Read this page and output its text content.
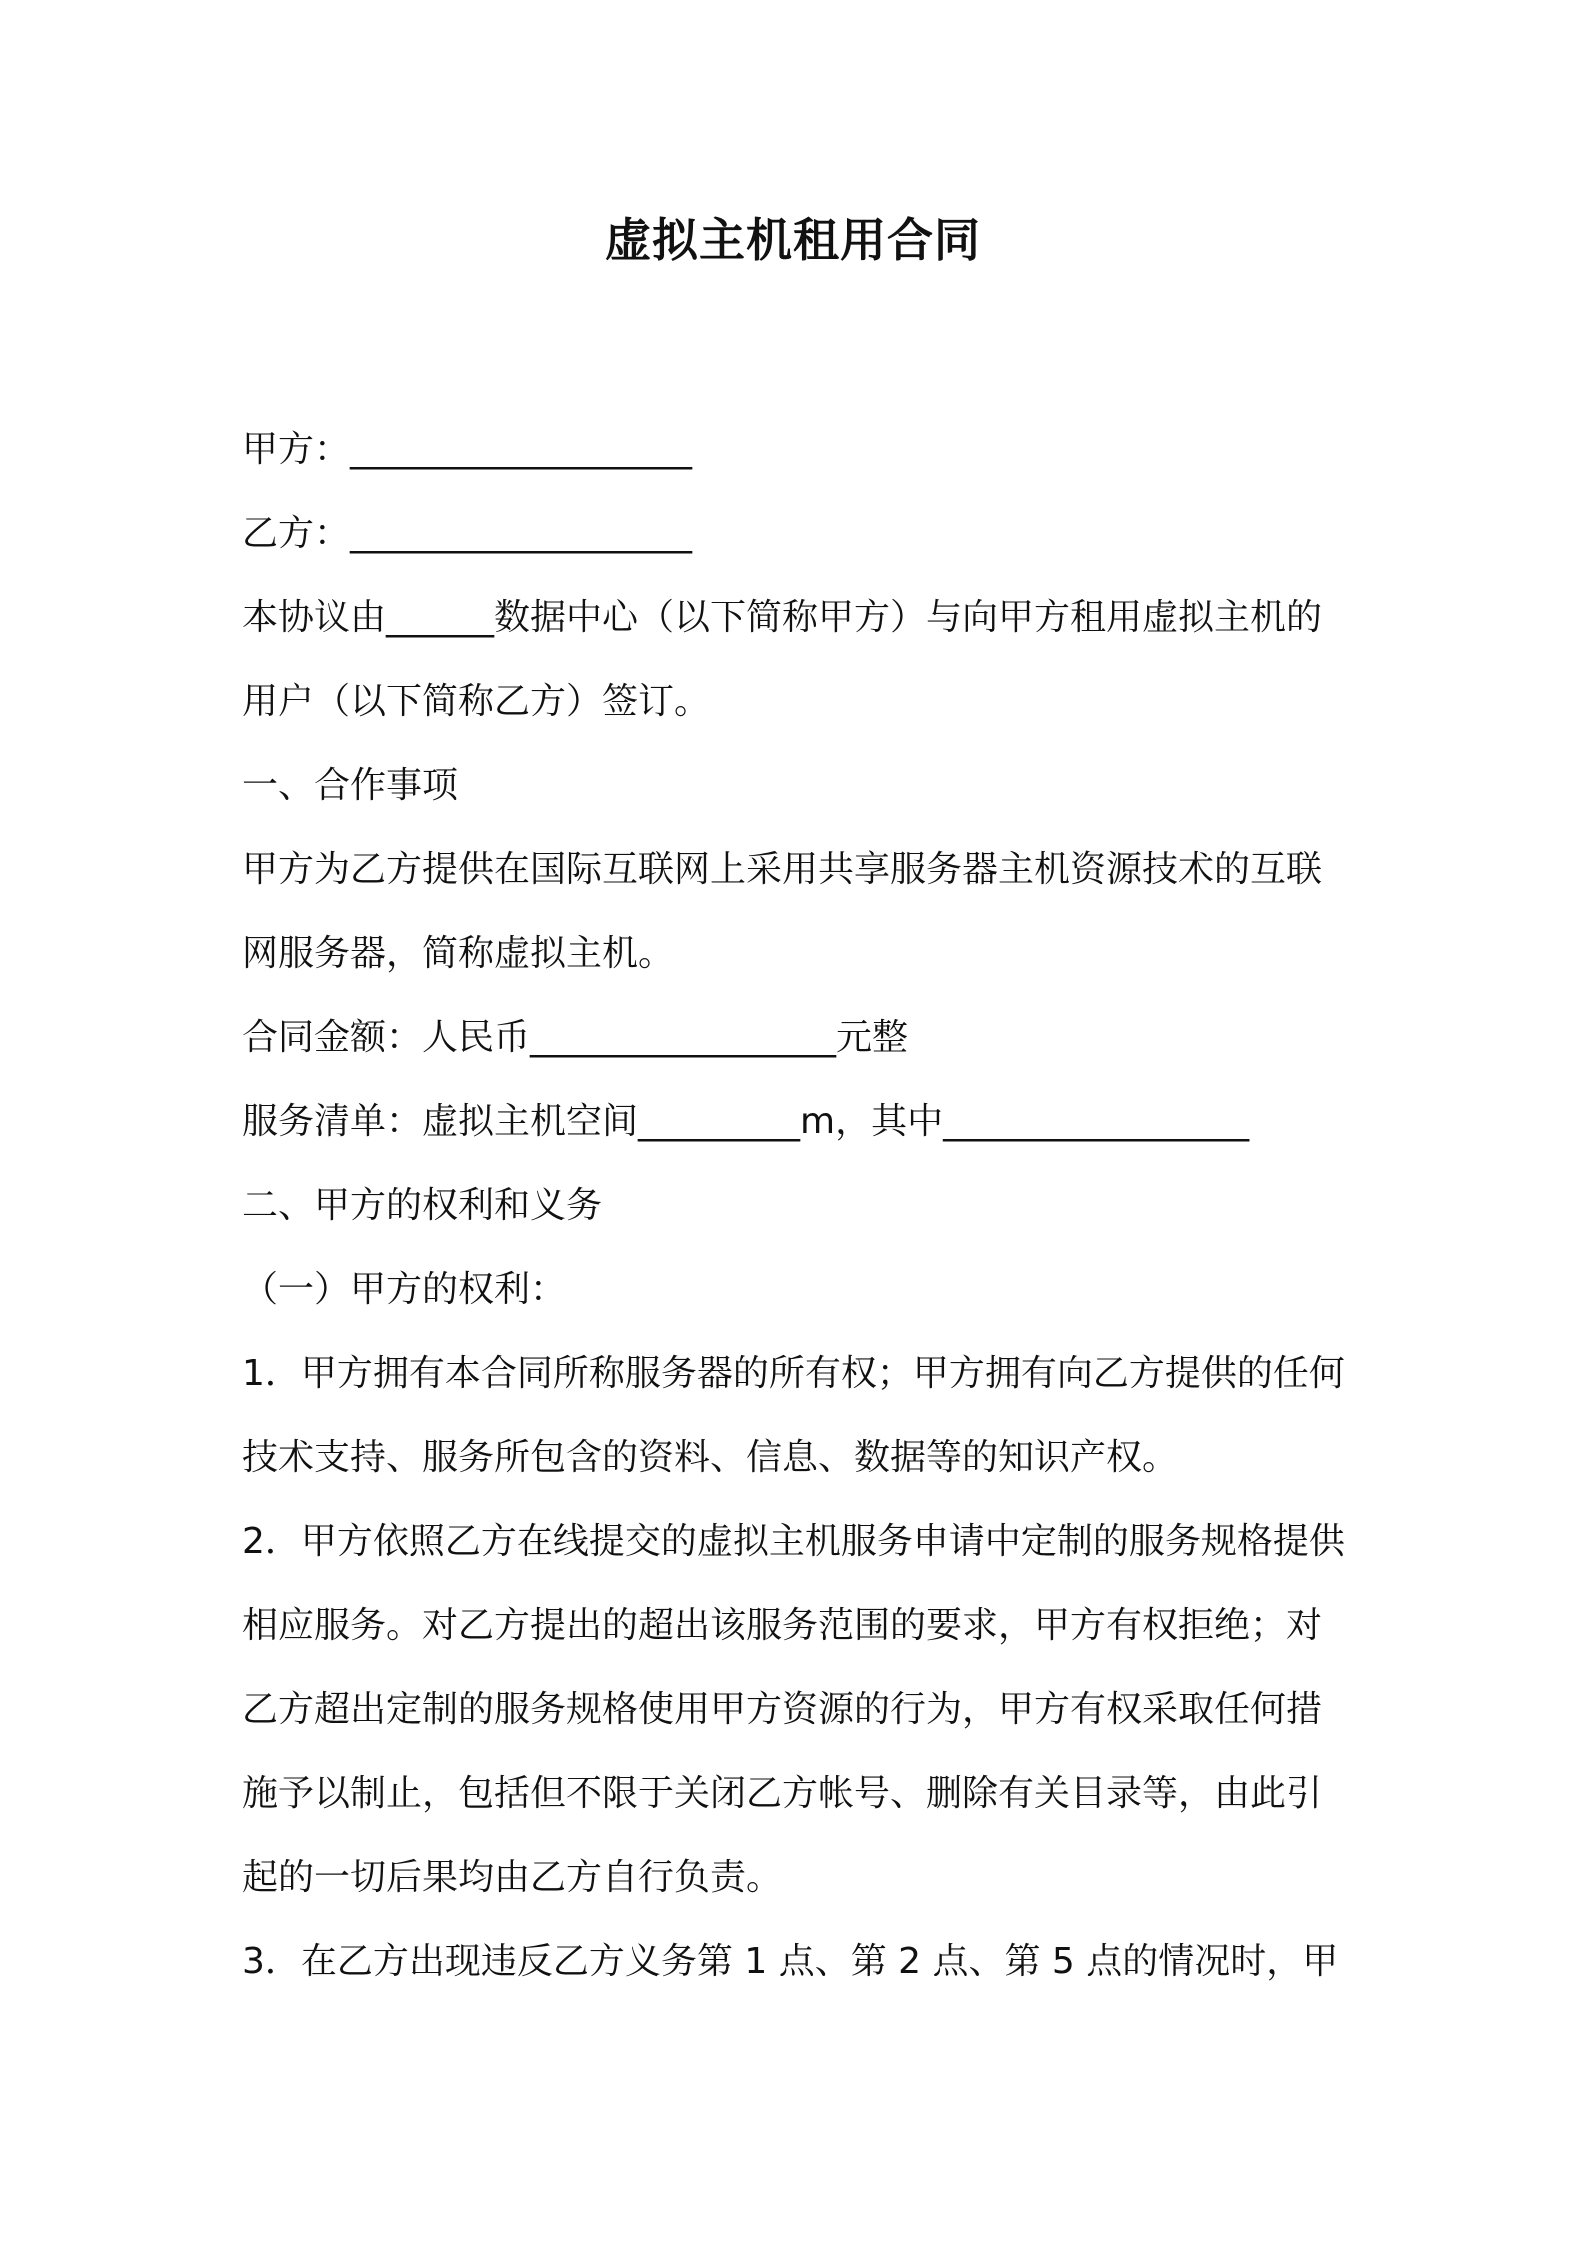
虚拟主机租用合同

甲方：___________________

乙方：___________________

本协议由______数据中心（以下简称甲方）与向甲方租用虚拟主机的用户（以下简称乙方）签订。

一、合作事项

甲方为乙方提供在国际互联网上采用共享服务器主机资源技术的互联网服务器，简称虚拟主机。

合同金额：人民币_________________元整

服务清单：虚拟主机空间_________m，其中_________________

二、甲方的权利和义务

（一）甲方的权利：

1．甲方拥有本合同所称服务器的所有权；甲方拥有向乙方提供的任何技术支持、服务所包含的资料、信息、数据等的知识产权。

2．甲方依照乙方在线提交的虚拟主机服务申请中定制的服务规格提供相应服务。对乙方提出的超出该服务范围的要求，甲方有权拒绝；对乙方超出定制的服务规格使用甲方资源的行为，甲方有权采取任何措施予以制止，包括但不限于关闭乙方帐号、删除有关目录等，由此引起的一切后果均由乙方自行负责。

3．在乙方出现违反乙方义务第 1 点、第 2 点、第 5 点的情况时，甲
